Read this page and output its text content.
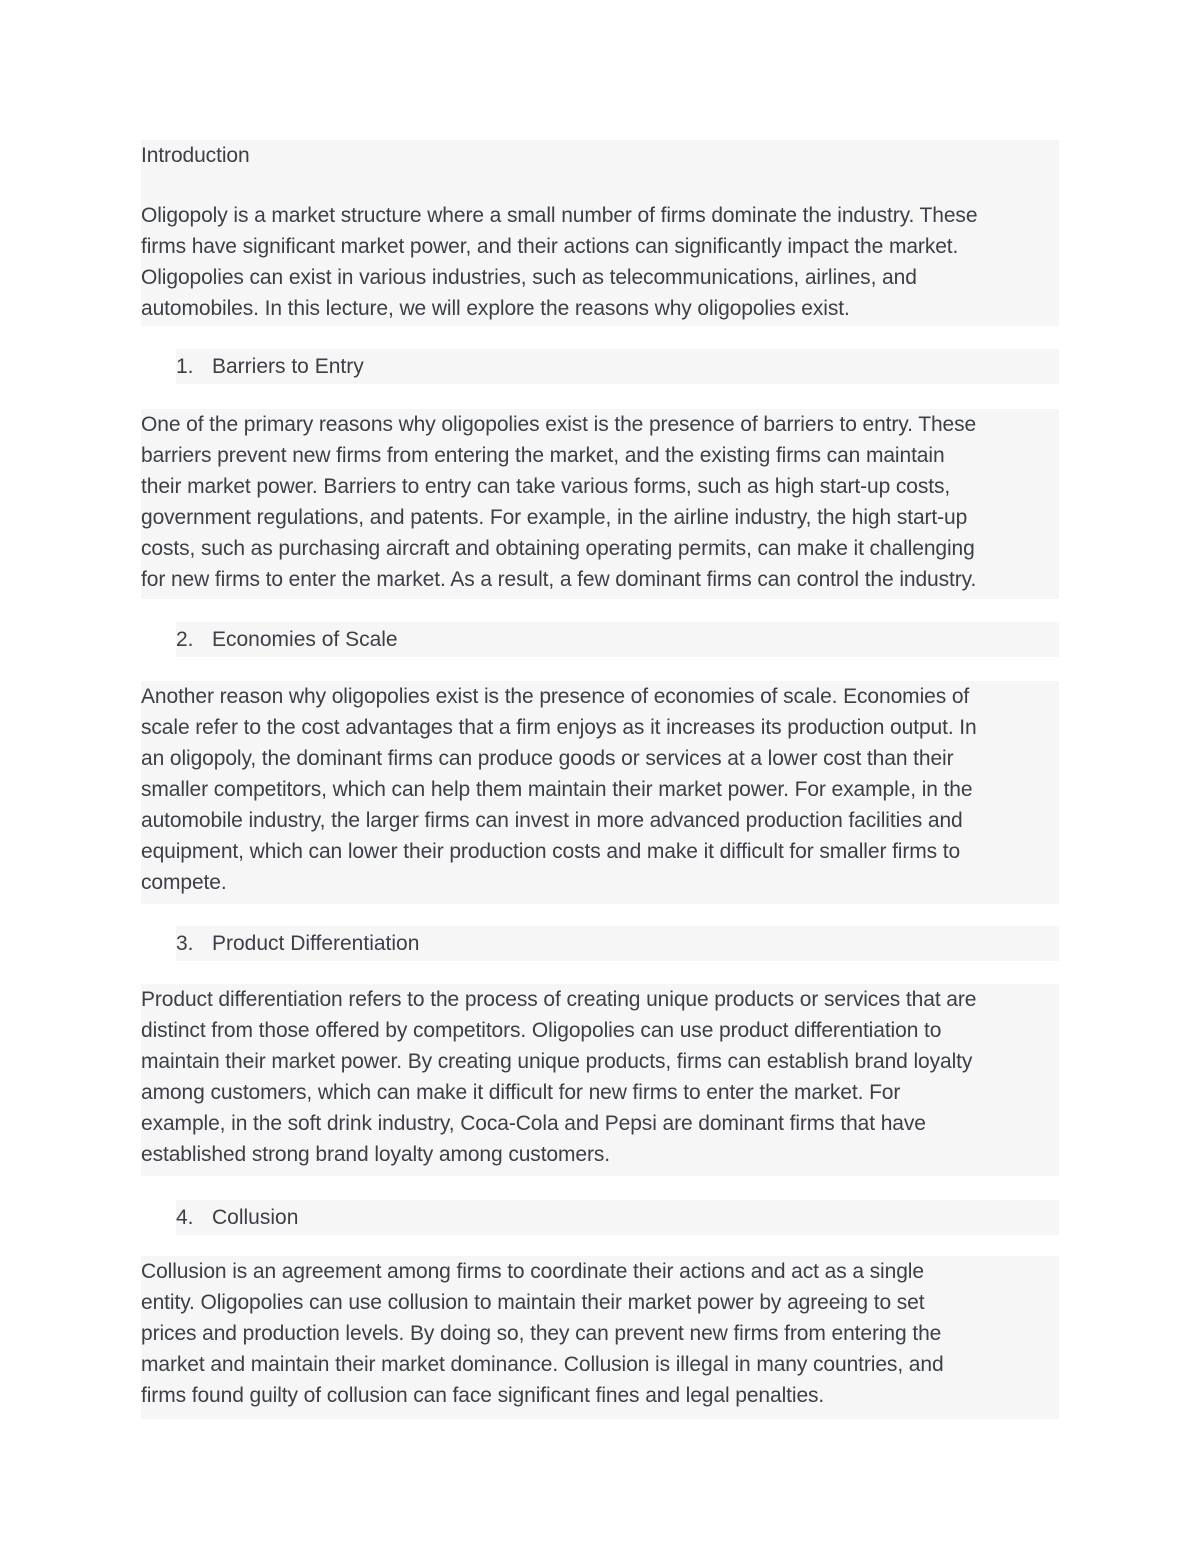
Introduction

Oligopoly is a market structure where a small number of firms dominate the industry. These
firms have significant market power, and their actions can significantly impact the market.
Oligopolies can exist in various industries, such as telecommunications, airlines, and
automobiles. In this lecture, we will explore the reasons why oligopolies exist.

1. Barriers to Entry
One of the primary reasons why oligopolies exist is the presence of barriers to entry. These
barriers prevent new firms from entering the market, and the existing firms can maintain
their market power. Barriers to entry can take various forms, such as high start-up costs,
government regulations, and patents. For example, in the airline industry, the high start-up
costs, such as purchasing aircraft and obtaining operating permits, can make it challenging
for new firms to enter the market. As a result, a few dominant firms can control the industry.
2. Economies of Scale
Another reason why oligopolies exist is the presence of economies of scale. Economies of
scale refer to the cost advantages that a firm enjoys as it increases its production output. In
an oligopoly, the dominant firms can produce goods or services at a lower cost than their
smaller competitors, which can help them maintain their market power. For example, in the
automobile industry, the larger firms can invest in more advanced production facilities and
equipment, which can lower their production costs and make it difficult for smaller firms to
compete.
3. Product Differentiation
Product differentiation refers to the process of creating unique products or services that are
distinct from those offered by competitors. Oligopolies can use product differentiation to
maintain their market power. By creating unique products, firms can establish brand loyalty
among customers, which can make it difficult for new firms to enter the market. For
example, in the soft drink industry, Coca-Cola and Pepsi are dominant firms that have
established strong brand loyalty among customers.
4. Collusion
Collusion is an agreement among firms to coordinate their actions and act as a single
entity. Oligopolies can use collusion to maintain their market power by agreeing to set
prices and production levels. By doing so, they can prevent new firms from entering the
market and maintain their market dominance. Collusion is illegal in many countries, and
firms found guilty of collusion can face significant fines and legal penalties.
